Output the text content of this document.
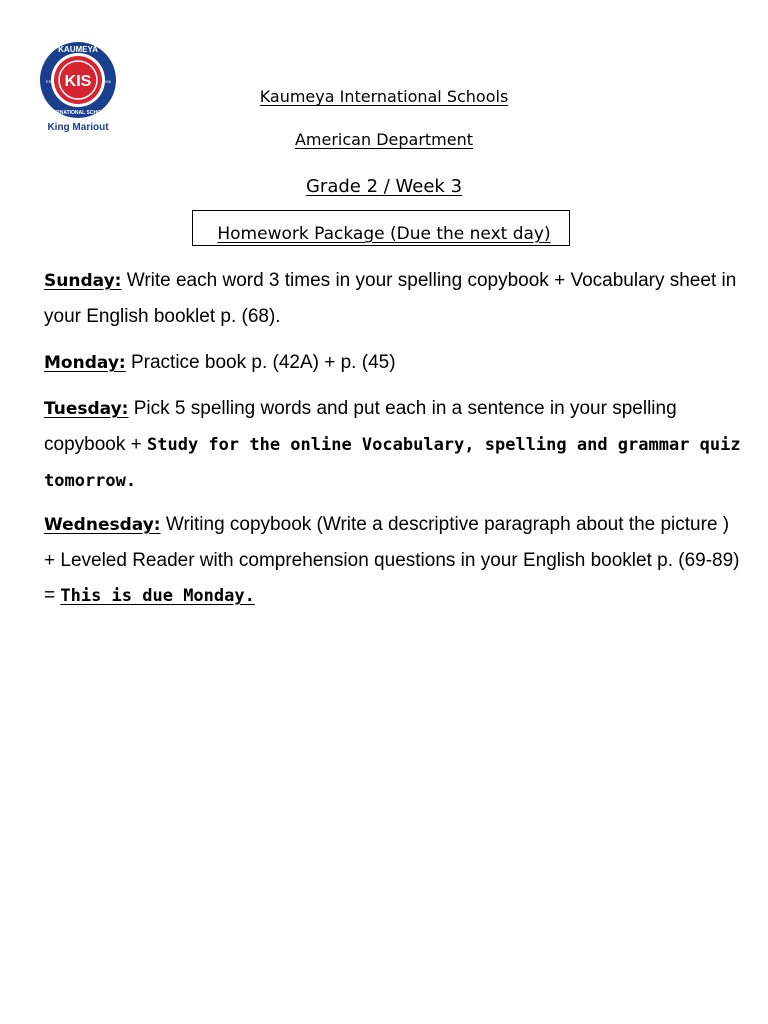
KIS
KAUMEYA
INTERNATIONAL SCHOOLS
EST	1906
King Mariout
Kaumeya International Schools
American Department
Grade 2 / Week 3
Homework Package (Due the next day)
Sunday: Write each word 3 times in your spelling copybook + Vocabulary sheet in your English booklet p. (68).
Monday: Practice book p. (42A) + p. (45)
Tuesday: Pick 5 spelling words and put each in a sentence in your spelling copybook + Study for the online Vocabulary, spelling and grammar quiz tomorrow.
Wednesday: Writing copybook (Write a descriptive paragraph about the picture ) + Leveled Reader with comprehension questions in your English booklet p. (69-89) = This is due Monday.
